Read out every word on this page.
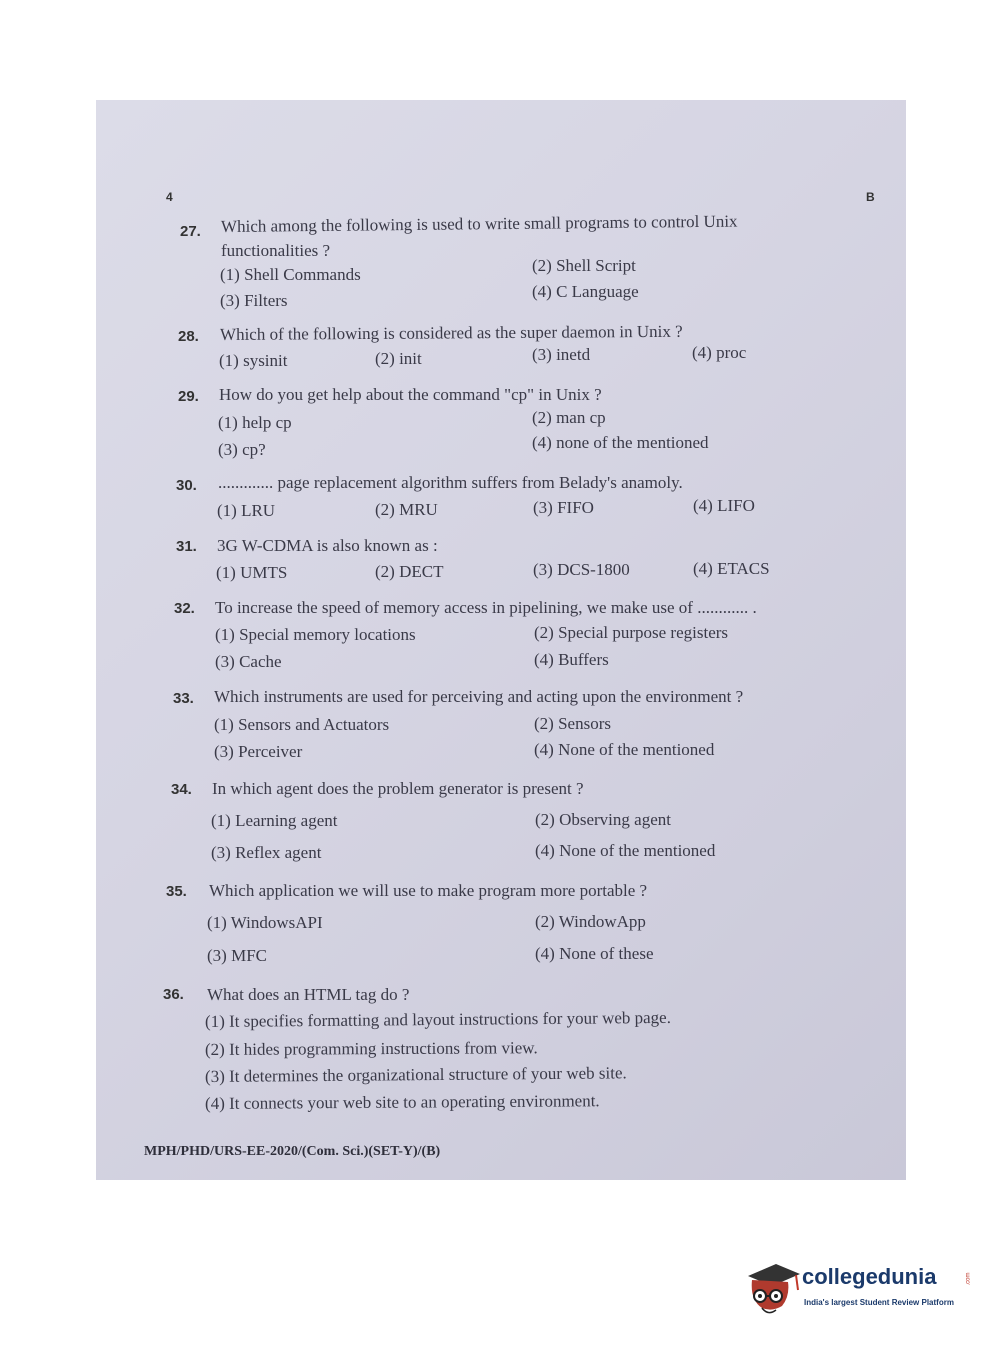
4	B
27. Which among the following is used to write small programs to control Unix
functionalities ?
(1) Shell Commands	(2) Shell Script
(3) Filters	(4) C Language
28. Which of the following is considered as the super daemon in Unix ?
(1) sysinit	(2) init	(3) inetd	(4) proc
29. How do you get help about the command "cp" in Unix ?
(1) help cp	(2) man cp
(3) cp?	(4) none of the mentioned
30. ............. page replacement algorithm suffers from Belady's anamoly.
(1) LRU	(2) MRU	(3) FIFO	(4) LIFO
31. 3G W-CDMA is also known as :
(1) UMTS	(2) DECT	(3) DCS-1800	(4) ETACS
32. To increase the speed of memory access in pipelining, we make use of ............ .
(1) Special memory locations	(2) Special purpose registers
(3) Cache	(4) Buffers
33. Which instruments are used for perceiving and acting upon the environment ?
(1) Sensors and Actuators	(2) Sensors
(3) Perceiver	(4) None of the mentioned
34. In which agent does the problem generator is present ?
(1) Learning agent	(2) Observing agent
(3) Reflex agent	(4) None of the mentioned
35. Which application we will use to make program more portable ?
(1) WindowsAPI	(2) WindowApp
(3) MFC	(4) None of these
36. What does an HTML tag do ?
(1) It specifies formatting and layout instructions for your web page.
(2) It hides programming instructions from view.
(3) It determines the organizational structure of your web site.
(4) It connects your web site to an operating environment.
MPH/PHD/URS-EE-2020/(Com. Sci.)(SET-Y)/(B)
collegedunia	.com
India's largest Student Review Platform
